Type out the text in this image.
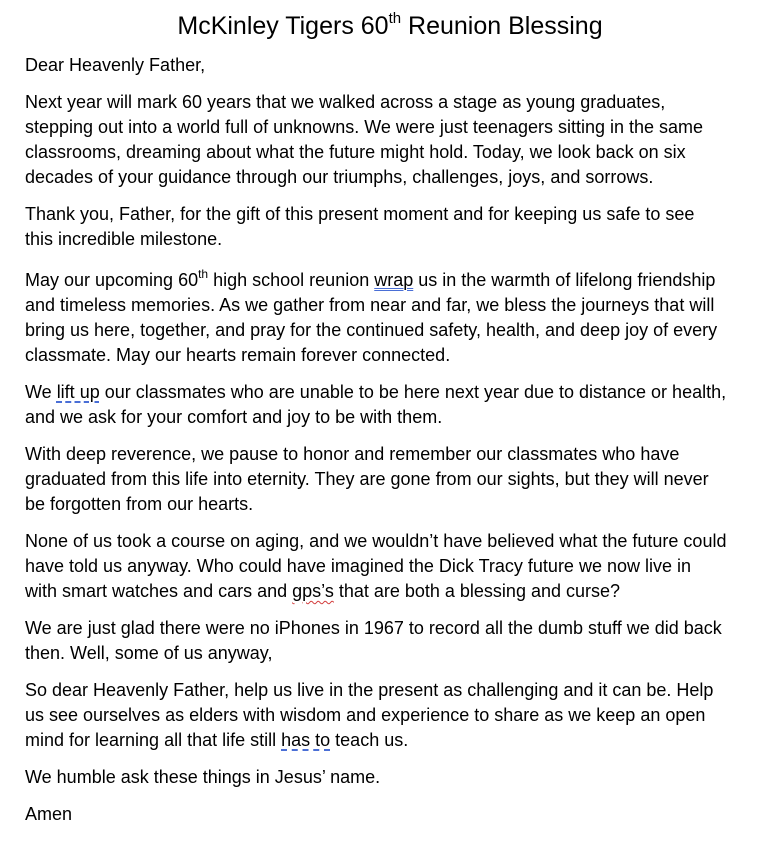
McKinley Tigers 60th Reunion Blessing
Dear Heavenly Father,
Next year will mark 60 years that we walked across a stage as young graduates,
stepping out into a world full of unknowns. We were just teenagers sitting in the same
classrooms, dreaming about what the future might hold. Today, we look back on six
decades of your guidance through our triumphs, challenges, joys, and sorrows.
Thank you, Father, for the gift of this present moment and for keeping us safe to see
this incredible milestone.
May our upcoming 60th high school reunion wrap us in the warmth of lifelong friendship
and timeless memories. As we gather from near and far, we bless the journeys that will
bring us here, together, and pray for the continued safety, health, and deep joy of every
classmate. May our hearts remain forever connected.
We lift up our classmates who are unable to be here next year due to distance or health,
and we ask for your comfort and joy to be with them.
With deep reverence, we pause to honor and remember our classmates who have
graduated from this life into eternity. They are gone from our sights, but they will never
be forgotten from our hearts.
None of us took a course on aging, and we wouldn’t have believed what the future could
have told us anyway. Who could have imagined the Dick Tracy future we now live in
with smart watches and cars and gps’s that are both a blessing and curse?
We are just glad there were no iPhones in 1967 to record all the dumb stuff we did back
then. Well, some of us anyway,
So dear Heavenly Father, help us live in the present as challenging and it can be. Help
us see ourselves as elders with wisdom and experience to share as we keep an open
mind for learning all that life still has to teach us.
We humble ask these things in Jesus’ name.
Amen
